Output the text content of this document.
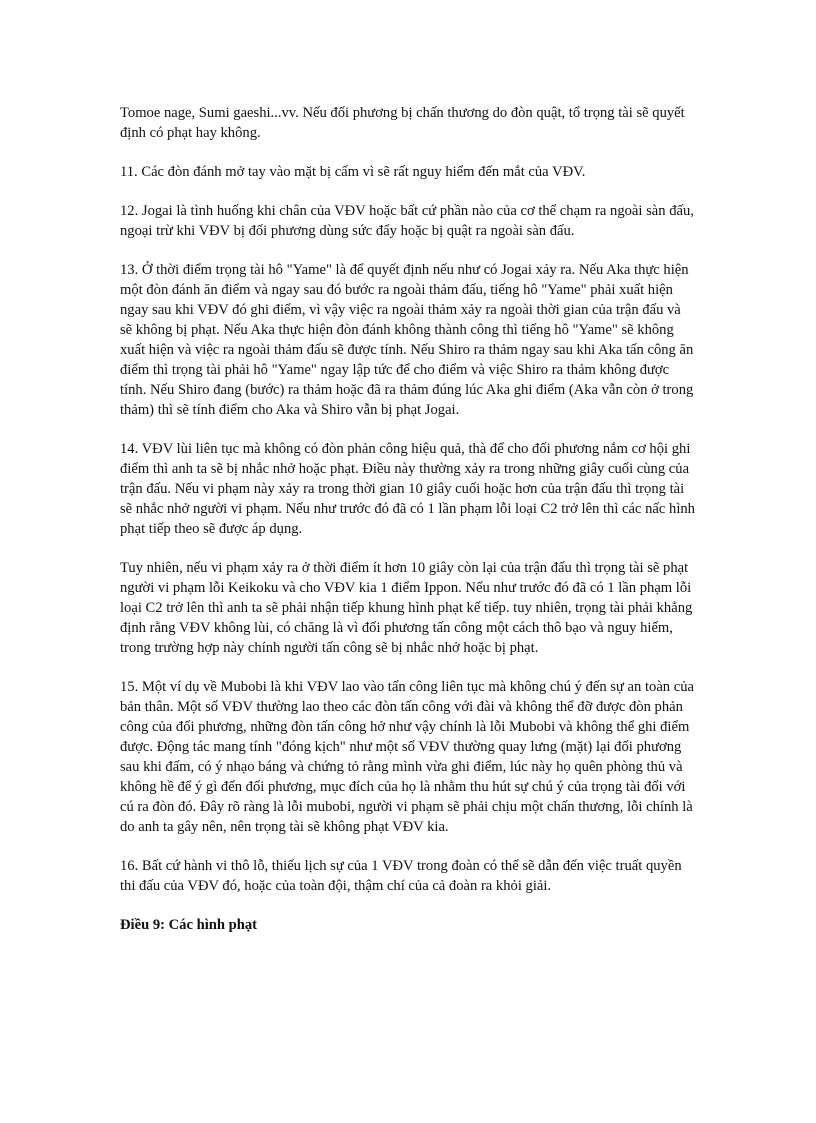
Tomoe nage, Sumi gaeshi...vv. Nếu đối phương bị chấn thương do đòn quật, tổ trọng tài sẽ quyết định có phạt hay không.

11. Các đòn đánh mở tay vào mặt bị cấm vì sẽ rất nguy hiểm đến mắt của VĐV.

12. Jogai là tình huống khi chân của VĐV hoặc bất cứ phần nào của cơ thể chạm ra ngoài sàn đấu, ngoại trừ khi VĐV bị đối phương dùng sức đẩy hoặc bị quật ra ngoài sàn đấu.

13. Ở thời điểm trọng tài hô "Yame" là để quyết định nếu như có Jogai xảy ra. Nếu Aka thực hiện một đòn đánh ăn điểm và ngay sau đó bước ra ngoài thảm đấu, tiếng hô "Yame" phải xuất hiện ngay sau khi VĐV đó ghi điểm, vì vậy việc ra ngoài thảm xảy ra ngoài thời gian của trận đấu và sẽ không bị phạt. Nếu Aka thực hiện đòn đánh không thành công thì tiếng hô "Yame" sẽ không xuất hiện và việc ra ngoài thảm đấu sẽ được tính. Nếu Shiro ra thảm ngay sau khi Aka tấn công ăn điểm thì trọng tài phải hô "Yame" ngay lập tức để cho điểm và việc Shiro ra thảm không được tính. Nếu Shiro đang (bước) ra thảm hoặc đã ra thảm đúng lúc Aka ghi điểm (Aka vẫn còn ở trong thảm) thì sẽ tính điểm cho Aka và Shiro vẫn bị phạt Jogai.

14. VĐV lùi liên tục mà không có đòn phản công hiệu quả, thà để cho đối phương nắm cơ hội ghi điểm thì anh ta sẽ bị nhắc nhở hoặc phạt. Điều này thường xảy ra trong những giây cuối cùng của trận đấu. Nếu vi phạm này xảy ra trong thời gian 10 giây cuối hoặc hơn của trận đấu thì trọng tài sẽ nhắc nhở người vi phạm. Nếu như trước đó đã có 1 lần phạm lỗi loại C2 trở lên thì các nấc hình phạt tiếp theo sẽ được áp dụng.

Tuy nhiên, nếu vi phạm xảy ra ở thời điểm ít hơn 10 giây còn lại của trận đấu thì trọng tài sẽ phạt người vi phạm lỗi Keikoku và cho VĐV kia 1 điểm Ippon. Nếu như trước đó đã có 1 lần phạm lỗi loại C2 trở lên thì anh ta sẽ phải nhận tiếp khung hình phạt kế tiếp. tuy nhiên, trọng tài phải khẳng định rằng VĐV không lùi, có chăng là vì đối phương tấn công một cách thô bạo và nguy hiểm, trong trường hợp này chính người tấn công sẽ bị nhắc nhở hoặc bị phạt.

15. Một ví dụ về Mubobi là khi VĐV lao vào tấn công liên tục mà không chú ý đến sự an toàn của bản thân. Một số VĐV thường lao theo các đòn tấn công với đài và không thể đỡ được đòn phản công của đối phương, những đòn tấn công hở như vậy chính là lỗi Mubobi và không thể ghi điểm được. Động tác mang tính "đóng kịch" như một số VĐV thường quay lưng (mặt) lại đối phương sau khi đấm, có ý nhạo báng và chứng tỏ rằng mình vừa ghi điểm, lúc này họ quên phòng thủ và không hề để ý gì đến đối phương, mục đích của họ là nhằm thu hút sự chú ý của trọng tài đối với cú ra đòn đó. Đây rõ ràng là lỗi mubobi, người vi phạm sẽ phải chịu một chấn thương, lỗi chính là do anh ta gây nên, nên trọng tài sẽ không phạt VĐV kia.

16. Bất cứ hành vi thô lỗ, thiếu lịch sự của 1 VĐV trong đoàn có thể sẽ dẫn đến việc truất quyền thi đấu của VĐV đó, hoặc của toàn đội, thậm chí của cả đoàn ra khỏi giải.

Điều 9: Các hình phạt
